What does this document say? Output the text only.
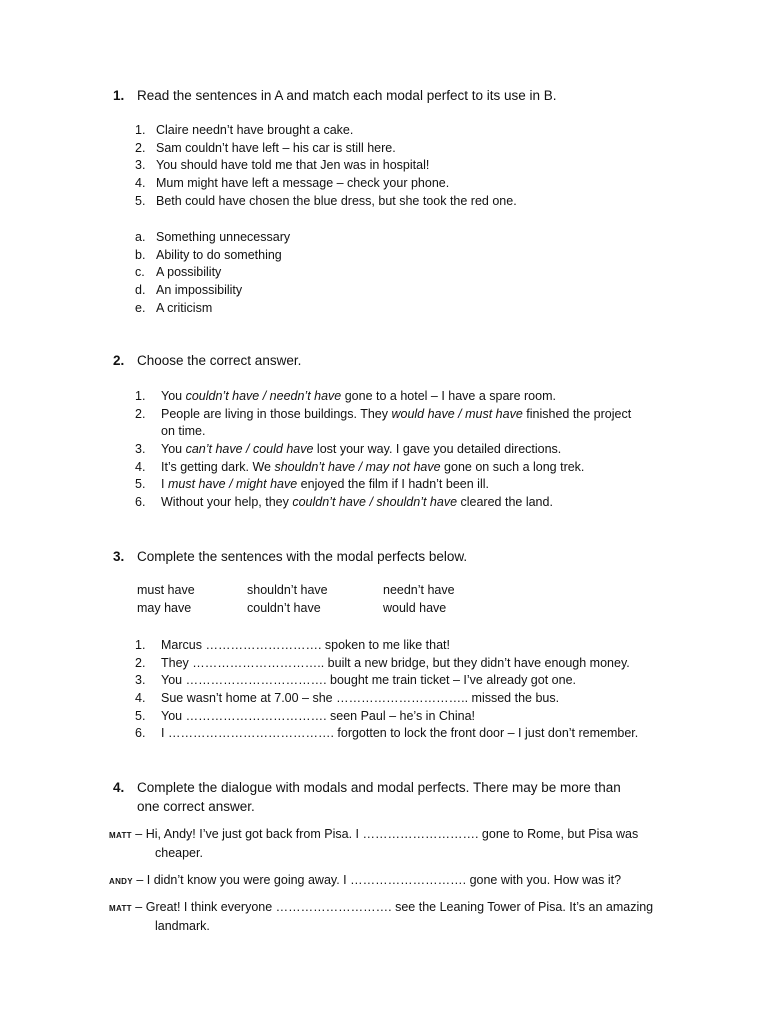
1. Read the sentences in A and match each modal perfect to its use in B.
1. Claire needn’t have brought a cake.
2. Sam couldn’t have left – his car is still here.
3. You should have told me that Jen was in hospital!
4. Mum might have left a message – check your phone.
5. Beth could have chosen the blue dress, but she took the red one.
a. Something unnecessary
b. Ability to do something
c. A possibility
d. An impossibility
e. A criticism
2. Choose the correct answer.
1. You couldn’t have / needn’t have gone to a hotel – I have a spare room.
2. People are living in those buildings. They would have / must have finished the project
on time.
3. You can’t have / could have lost your way. I gave you detailed directions.
4. It’s getting dark. We shouldn’t have / may not have gone on such a long trek.
5. I must have / might have enjoyed the film if I hadn’t been ill.
6. Without your help, they couldn’t have / shouldn’t have cleared the land.
3. Complete the sentences with the modal perfects below.
must have	shouldn’t have	needn’t have
may have	couldn’t have	would have
1. Marcus ………………………. spoken to me like that!
2. They ………………………….. built a new bridge, but they didn’t have enough money.
3. You ……………………………. bought me train ticket – I’ve already got one.
4. Sue wasn’t home at 7.00 – she ………………………….. missed the bus.
5. You ……………………………. seen Paul – he’s in China!
6. I …………………………………. forgotten to lock the front door – I just don’t remember.
4. Complete the dialogue with modals and modal perfects. There may be more than
one correct answer.
MATT – Hi, Andy! I’ve just got back from Pisa. I ………………………. gone to Rome, but Pisa was
cheaper.
ANDY – I didn’t know you were going away. I ………………………. gone with you. How was it?
MATT – Great! I think everyone ………………………. see the Leaning Tower of Pisa. It’s an amazing
landmark.
